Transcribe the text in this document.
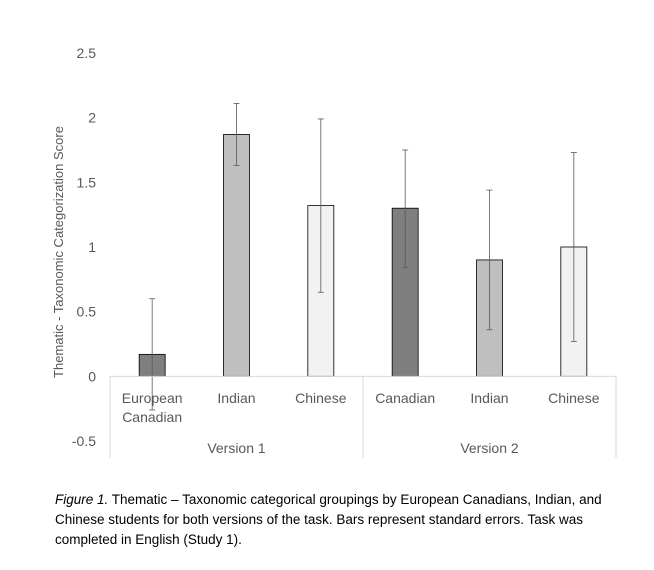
-0.5
0
0.5
1
1.5
2
2.5
Thematic - Taxonomic Categorization Score
European
Canadian
Indian	Chinese Canadian	Indian	Chinese
Version 1	Version 2
Figure 1. Thematic – Taxonomic categorical groupings by European Canadians, Indian, and Chinese students for both versions of the task. Bars represent standard errors. Task was completed in English (Study 1).
